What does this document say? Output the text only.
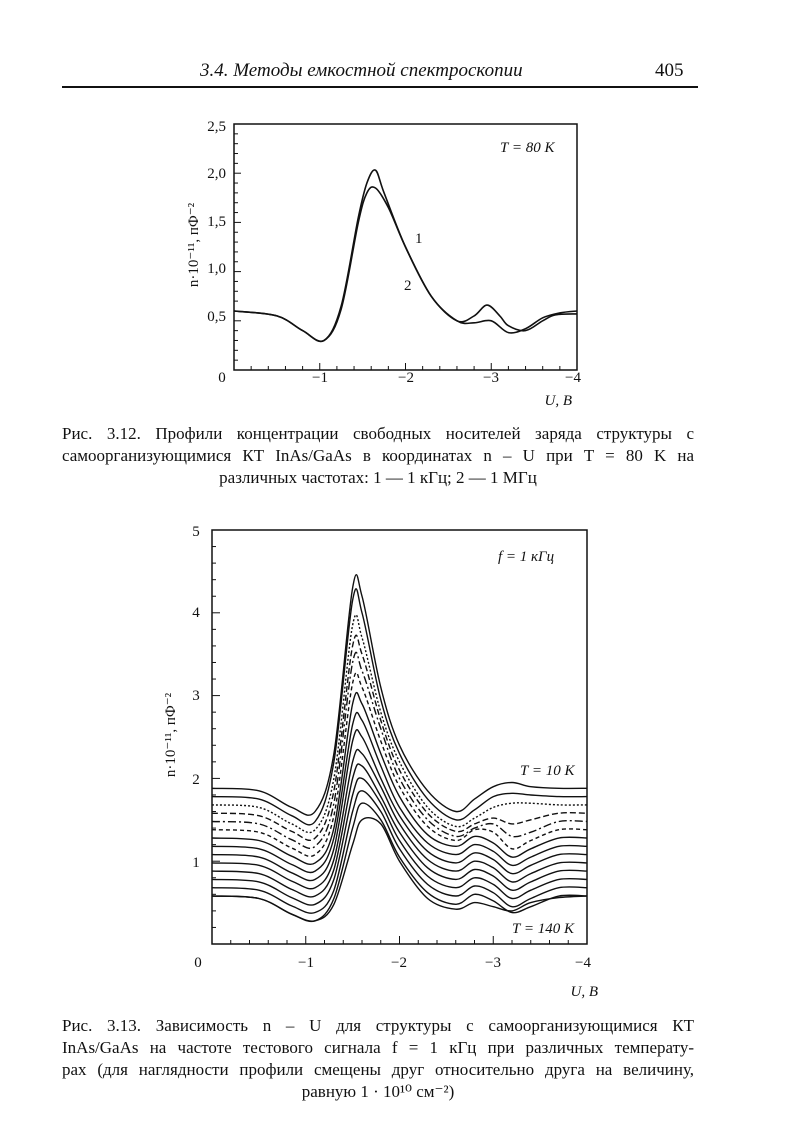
3.4. Методы емкостной спектроскопии	405
T = 80 K
1
2
2,5
2,0
1,5
1,0
0,5
0	−1	−2	−3	−4
U, B
n·10⁻¹¹, пФ⁻²
f = 1 кГц
T = 10 K
T = 140 K
5
4
3
2
1
0	−1	−2	−3	−4
U, B
n·10⁻¹¹, пФ⁻²
Рис. 3.12. Профили концентрации свободных носителей заряда структуры с
самоорганизующимися КТ InAs/GaAs в координатах n – U при T = 80 K на
различных частотах: 1 — 1 кГц; 2 — 1 МГц
Рис. 3.13. Зависимость n – U для структуры с самоорганизующимися КТ
InAs/GaAs на частоте тестового сигнала f = 1 кГц при различных температу-
рах (для наглядности профили смещены друг относительно друга на величину,
равную 1 · 10¹⁰ см⁻²)
